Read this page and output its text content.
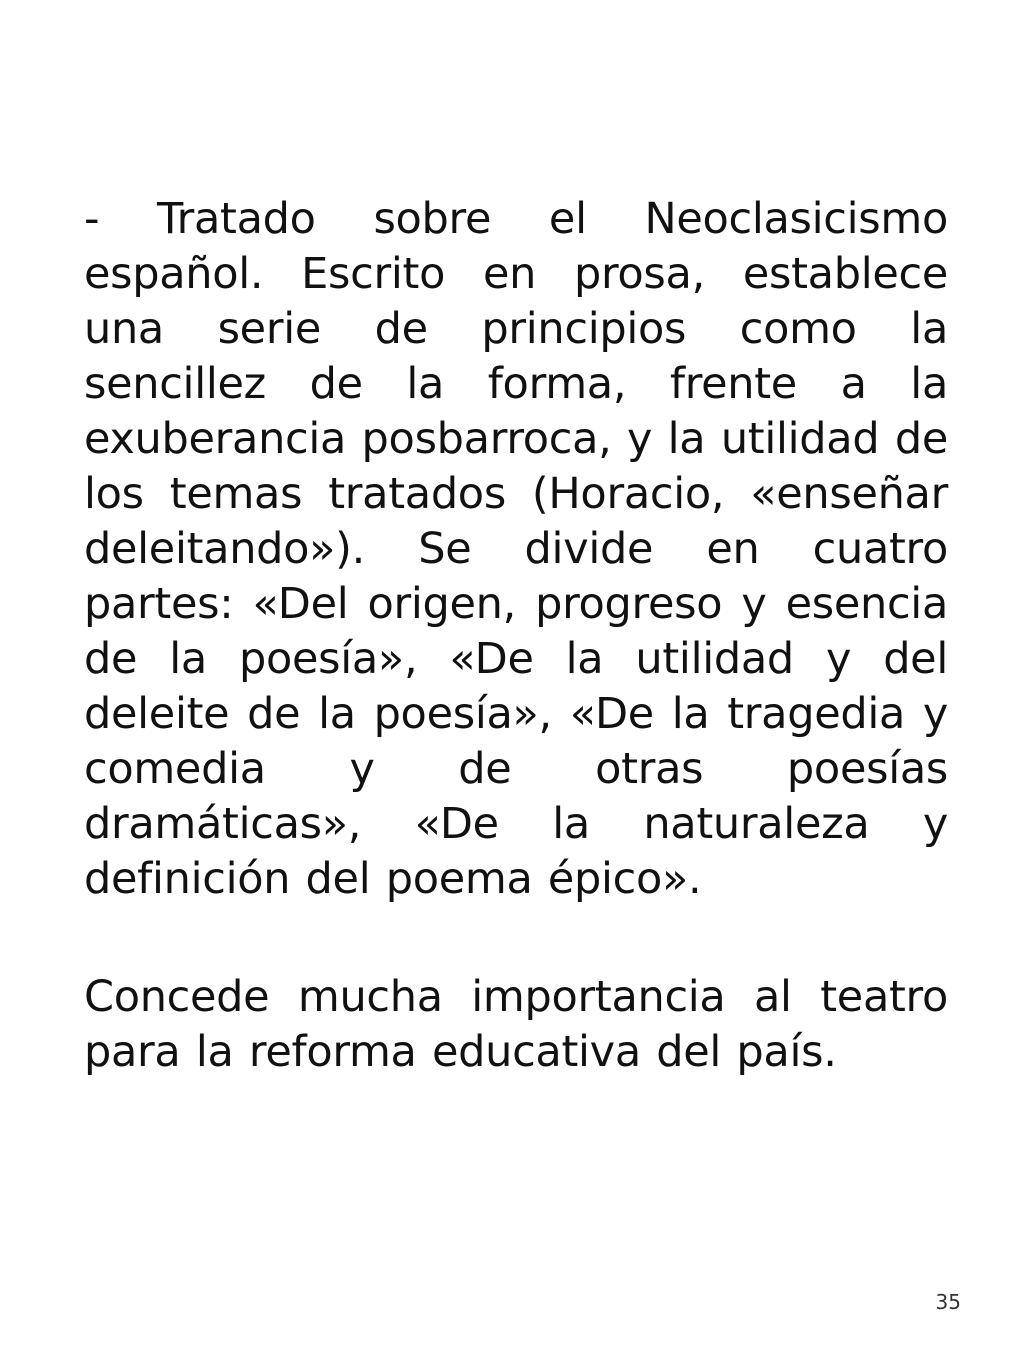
- Tratado sobre el Neoclasicismo español. Escrito en prosa, establece una serie de principios como la sencillez de la forma, frente a la exuberancia posbarroca, y la utilidad de los temas tratados (Horacio, «enseñar deleitando»). Se divide en cuatro partes: «Del origen, progreso y esencia de la poesía», «De la utilidad y del deleite de la poesía», «De la tragedia y comedia y de otras poesías dramáticas», «De la naturaleza y definición del poema épico».

Concede mucha importancia al teatro para la reforma educativa del país.

35
